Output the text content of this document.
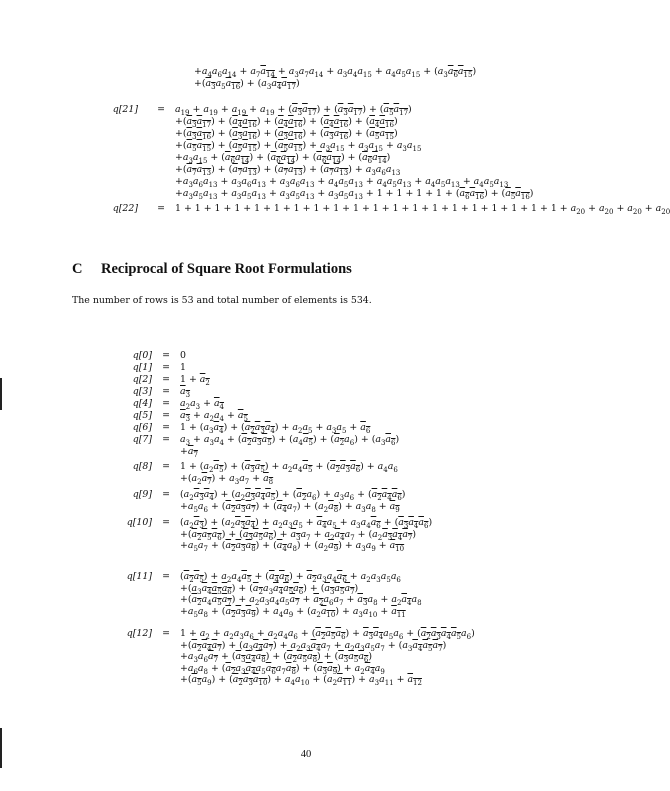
$+a_4a_6a_{14} + a_7a_{14} + a_3a_7a_{14} + a_3a_4a_{15} + a_4a_5a_{15} + (a_3a_6a_{15})$
$+(a_3a_5a_{16}) + (a_3a_4a_{17})$
q[21]	=	$a_{19} + a_{19} + a_{19} + a_{19} + (a_3a_{17}) + (a_3a_{17}) + (a_5a_{17})$
$+(a_3a_{17}) + (a_4a_{16}) + (a_4a_{16}) + (a_4a_{16}) + (a_4a_{16})$
$+(a_3a_{16}) + (a_3a_{16}) + (a_3a_{16}) + (a_3a_{16}) + (a_5a_{15})$
$+(a_5a_{15}) + (a_5a_{15}) + (a_5a_{15}) + a_3a_{15} + a_3a_{15} + a_3a_{15}$
$+a_3a_{15} + (a_6a_{14}) + (a_6a_{14}) + (a_6a_{14}) + (a_6a_{14})$
$+(a_7a_{13}) + (a_7a_{13}) + (a_7a_{13}) + (a_7a_{13}) + a_3a_6a_{13}$
$+a_3a_6a_{13} + a_3a_6a_{13} + a_3a_6a_{13} + a_4a_5a_{13} + a_4a_5a_{13} + a_4a_5a_{13} + a_4a_5a_{13}$
$+a_3a_5a_{13} + a_3a_5a_{13} + a_3a_5a_{13} + a_3a_5a_{13} + 1 + 1 + 1 + 1 + (a_6a_{16}) + (a_5a_{16})$
q[22]	=	$1 + 1 + 1 + 1 + 1 + 1 + 1 + 1 + 1 + 1 + 1 + 1 + 1 + 1 + 1 + 1 + 1 + 1 + 1 + 1 + a_{20} + a_{20} + a_{20} + a_{20}$
C Reciprocal of Square Root Formulations
The number of rows is 53 and total number of elements is 534.
q[0]	=	0
q[1]	=	1
q[2]	=	$1 + a_2$
q[3]	=	$a_3$
q[4]	=	$a_2a_3 + a_4$
q[5]	=	$a_3 + a_2a_4 + a_5$
q[6]	=	$1 + (a_3a_4) + (a_2a_3a_4) + a_2a_5 + a_3a_5 + a_6$
q[7]	=	$a_3 + a_3a_4 + (a_2a_3a_5) + (a_4a_5) + (a_2a_6) + (a_3a_6)$
$+a_7$
q[8]	=	$1 + (a_2a_5) + (a_3a_5) + a_2a_4a_5 + (a_2a_3a_6) + a_4a_6$
$+(a_2a_7) + a_3a_7 + a_8$
q[9]	=	$(a_2a_3a_4) + (a_2a_3a_4a_5) + (a_2a_6) + a_3a_6 + (a_2a_4a_6)$
$+a_5a_6 + (a_2a_3a_7) + (a_4a_7) + (a_2a_8) + a_3a_8 + a_9$
q[10]	=	$(a_2a_3) + (a_2a_3a_4) + a_2a_3a_5 + a_4a_5 + a_3a_4a_6 + (a_3a_4a_6)$
$+(a_2a_5a_6) + (a_3a_5a_6) + a_3a_7 + a_2a_4a_7 + (a_2a_3a_4a_7)$
$+a_5a_7 + (a_2a_3a_8) + (a_4a_8) + (a_2a_9) + a_3a_9 + a_{10}$
q[11]	=	$(a_2a_5) + a_2a_4a_5 + (a_4a_6) + a_2a_3a_4a_6 + a_2a_3a_5a_6$
$+(a_3a_4a_5a_6) + (a_2a_3a_4a_5a_6) + (a_3a_5a_7)$
$+(a_2a_4a_5a_7) + a_2a_3a_4a_5a_7 + a_2a_6a_7 + a_3a_8 + a_2a_4a_8$
$+a_5a_8 + (a_2a_3a_9) + a_4a_9 + (a_2a_{10}) + a_3a_{10} + a_{11}$
q[12]	=	$1 + a_2 + a_2a_3a_6 + a_2a_4a_6 + (a_2a_5a_6) + a_3a_4a_5a_6 + (a_2a_3a_4a_5a_6)$
$+(a_2a_4a_7) + (a_3a_4a_7) + a_2a_3a_4a_7 + a_2a_3a_5a_7 + (a_3a_4a_5a_7)$
$+a_3a_6a_7 + (a_3a_4a_8) + (a_2a_5a_8) + (a_3a_5a_6)$
$+a_6a_8 + (a_2a_3a_4a_5a_6a_7a_8) + (a_3a_9) + a_2a_4a_9$
$+(a_5a_9) + (a_2a_3a_{10}) + a_4a_{10} + (a_2a_{11}) + a_3a_{11} + a_{12}$
40
